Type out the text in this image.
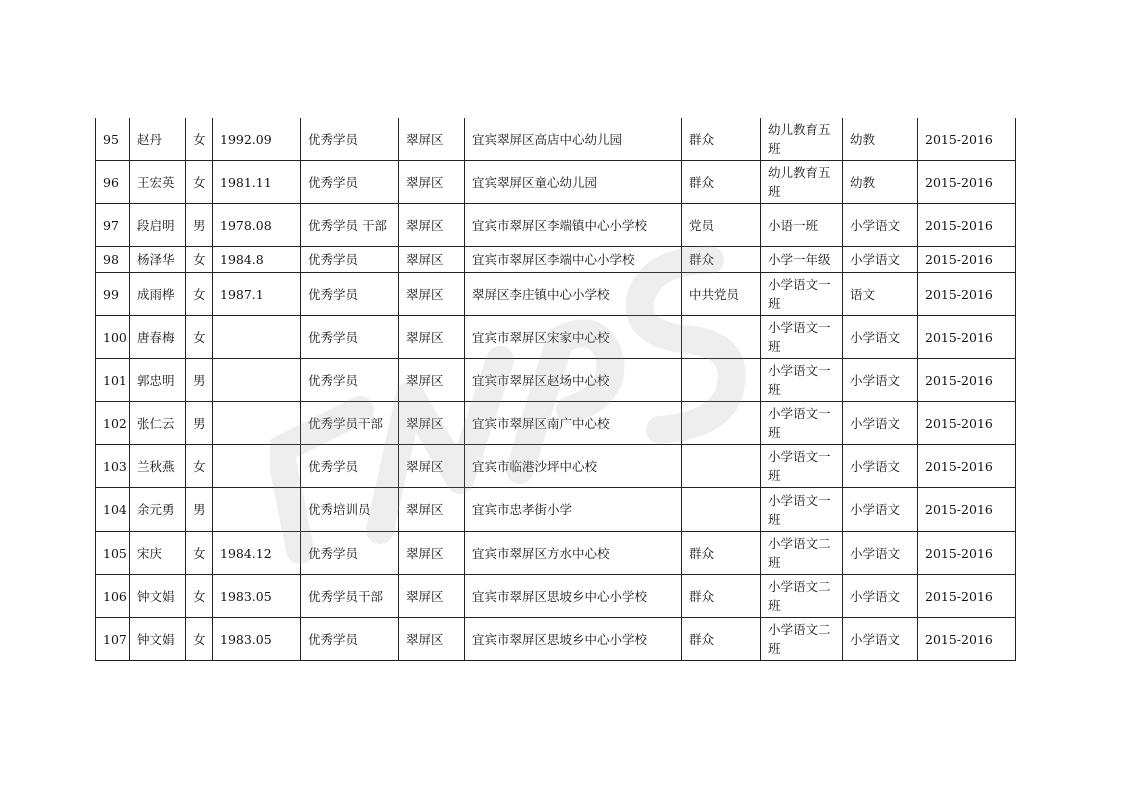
95	赵丹	女	1992.09	优秀学员	翠屏区	宜宾翠屏区高店中心幼儿园	群众	幼儿教育五班	幼教	2015-2016
96	王宏英	女	1981.11	优秀学员	翠屏区	宜宾翠屏区童心幼儿园	群众	幼儿教育五班	幼教	2015-2016
97	段启明	男	1978.08	优秀学员 干部	翠屏区	宜宾市翠屏区李端镇中心小学校	党员	小语一班	小学语文	2015-2016
98	杨泽华	女	1984.8	优秀学员	翠屏区	宜宾市翠屏区李端中心小学校	群众	小学一年级	小学语文	2015-2016
99	成雨桦	女	1987.1	优秀学员	翠屏区	翠屏区李庄镇中心小学校	中共党员	小学语文一班	语文	2015-2016
100	唐春梅	女		优秀学员	翠屏区	宜宾市翠屏区宋家中心校		小学语文一班	小学语文	2015-2016
101	郭忠明	男		优秀学员	翠屏区	宜宾市翠屏区赵场中心校		小学语文一班	小学语文	2015-2016
102	张仁云	男		优秀学员干部	翠屏区	宜宾市翠屏区南广中心校		小学语文一班	小学语文	2015-2016
103	兰秋燕	女		优秀学员	翠屏区	宜宾市临港沙坪中心校		小学语文一班	小学语文	2015-2016
104	余元勇	男		优秀培训员	翠屏区	宜宾市忠孝街小学		小学语文一班	小学语文	2015-2016
105	宋庆	女	1984.12	优秀学员	翠屏区	宜宾市翠屏区方水中心校	群众	小学语文二班	小学语文	2015-2016
106	钟文娟	女	1983.05	优秀学员干部	翠屏区	宜宾市翠屏区思坡乡中心小学校	群众	小学语文二班	小学语文	2015-2016
107	钟文娟	女	1983.05	优秀学员	翠屏区	宜宾市翠屏区思坡乡中心小学校	群众	小学语文二班	小学语文	2015-2016
